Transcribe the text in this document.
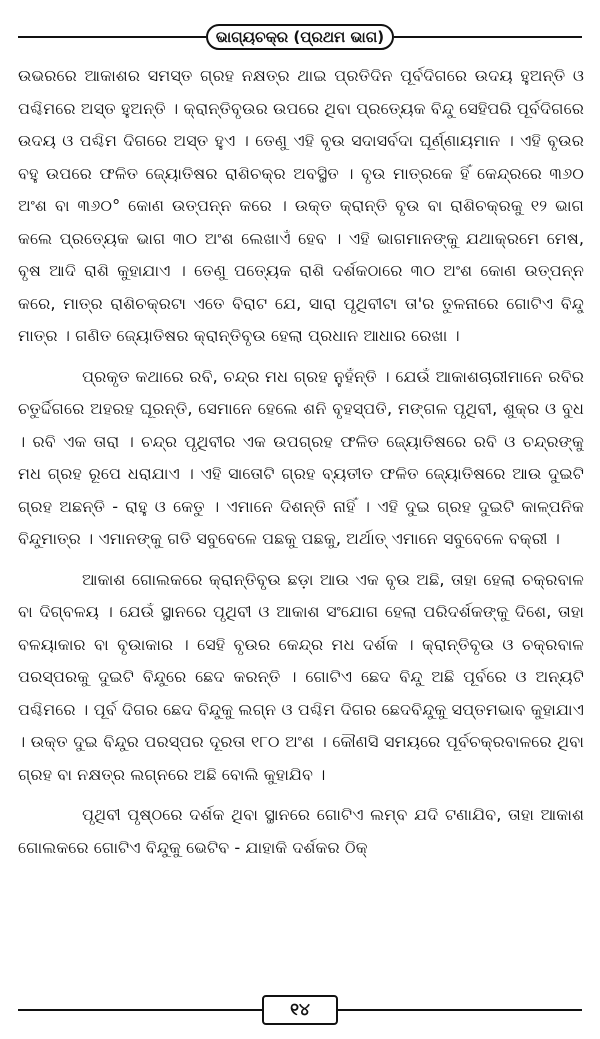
ଭାଗ୍ୟଚକ୍ର (ପ୍ରଥମ ଭାଗ)

ଉଭରରେ ଆକାଶର ସମସ୍ତ ଗ୍ରହ ନକ୍ଷତ୍ର ଥାଇ ପ୍ରତିଦିନ ପୂର୍ବଦିଗରେ ଉଦୟ ହୁଅନ୍ତି ଓ ପଶ୍ଚିମରେ ଅସ୍ତ ହୁଅନ୍ତି । କ୍ରାନ୍ତିବୃଉର ଉପରେ ଥିବା ପ୍ରତ୍ୟେକ ବିନ୍ଦୁ ସେହିପରି ପୂର୍ବଦିଗରେ ଉଦୟ ଓ ପଶ୍ଚିମ ଦିଗରେ ଅସ୍ତ ହୁଏ । ତେଣୁ ଏହି ବୃଉ ସଦାସର୍ବଦା ଘୂର୍ଣ୍ଣାୟମାନ । ଏହି ବୃଉର ବହୁ ଉପରେ ଫଳିତ ଜ୍ୟୋତିଷର ରାଶିଚକ୍ର ଅବସ୍ଥିତ । ବୃଉ ମାତ୍ରକେ ହିଁ କେନ୍ଦ୍ରରେ ୩୬୦ ଅଂଶ ବା ୩୬୦° କୋଣ ଉତ୍ପନ୍ନ କରେ । ଉକ୍ତ କ୍ରାନ୍ତି ବୃଉ ବା ରାଶିଚକ୍ରକୁ ୧୨ ଭାଗ କଲେ ପ୍ରତ୍ୟେକ ଭାଗ ୩୦ ଅଂଶ ଲେଖାଏଁ ହେବ । ଏହି ଭାଗମାନଙ୍କୁ ଯଥାକ୍ରମେ ମେଷ, ବୃଷ ଆଦି ରାଶି କୁହାଯାଏ । ତେଣୁ ପତ୍ୟେକ ରାଶି ଦର୍ଶକଠାରେ ୩୦ ଅଂଶ କୋଣ ଉତ୍ପନ୍ନ କରେ, ମାତ୍ର ରାଶିଚକ୍ରଟା ଏତେ ବିରାଟ ଯେ, ସାରା ପୃଥିବୀଟା ତା'ର ତୁଳନାରେ ଗୋଟିଏ ବିନ୍ଦୁ ମାତ୍ର । ଗଣିତ ଜ୍ୟୋତିଷର କ୍ରାନ୍ତିବୃଉ ହେଲା ପ୍ରଧାନ ଆଧାର ରେଖା ।

ପ୍ରକୃତ କଥାରେ ରବି, ଚନ୍ଦ୍ର ମଧ ଗ୍ରହ ନୁହଁନ୍ତି । ଯେଉଁ ଆକାଶଚାରୀମାନେ ରବିର ଚତୁର୍ଦ୍ଦିଗରେ ଅହରହ ଘୂରନ୍ତି, ସେମାନେ ହେଲେ ଶନି ବୃହସ୍ପତି, ମଙ୍ଗଳ ପୃଥିବୀ, ଶୁକ୍ର ଓ ବୁଧ । ରବି ଏକ ତାରା । ଚନ୍ଦ୍ର ପୃଥିବୀର ଏକ ଉପଗ୍ରହ ଫଳିତ ଜ୍ୟୋତିଷରେ ରବି ଓ ଚନ୍ଦ୍ରଙ୍କୁ ମଧ ଗ୍ରହ ରୂପେ ଧରାଯାଏ । ଏହି ସାତୋଟି ଗ୍ରହ ବ୍ୟତୀତ ଫଳିତ ଜ୍ୟୋତିଷରେ ଆଉ ଦୁଇଟି ଗ୍ରହ ଅଛନ୍ତି - ରାହୁ ଓ କେତୁ । ଏମାନେ ଦିଶନ୍ତି ନାହିଁ । ଏହି ଦୁଇ ଗ୍ରହ ଦୁଇଟି କାଳ୍ପନିକ ବିନ୍ଦୁମାତ୍ର । ଏମାନଙ୍କୁ ଗତି ସବୁବେଳେ ପଛକୁ ପଛକୁ, ଅର୍ଥାତ୍ ଏମାନେ ସବୁବେଳେ ବକ୍ରୀ ।

ଆକାଶ ଗୋଲକରେ କ୍ରାନ୍ତିବୃଉ ଛଡ଼ା ଆଉ ଏକ ବୃଉ ଅଛି, ତାହା ହେଲା ଚକ୍ରବାଳ ବା ଦିଗ୍‌ବଳୟ । ଯେଉଁ ସ୍ଥାନରେ ପୃଥିବୀ ଓ ଆକାଶ ସଂଯୋଗ ହେଲା ପରିଦର୍ଶକଙ୍କୁ ଦିଶେ, ତାହା ବଳୟାକାର ବା ବୃଉାକାର । ସେହି ବୃଉର କେନ୍ଦ୍ର ମଧ ଦର୍ଶକ । କ୍ରାନ୍ତିବୃଉ ଓ ଚକ୍ରବାଳ ପରସ୍ପରକୁ ଦୁଇଟି ବିନ୍ଦୁରେ ଛେଦ କରନ୍ତି । ଗୋଟିଏ ଛେଦ ବିନ୍ଦୁ ଅଛି ପୂର୍ବରେ ଓ ଅନ୍ୟଟି ପଶ୍ଚିମରେ । ପୂର୍ବ ଦିଗର ଛେଦ ବିନ୍ଦୁକୁ ଲଗ୍ନ ଓ ପଶ୍ଚିମ ଦିଗର ଛେଦବିନ୍ଦୁକୁ ସପ୍ତମଭାବ କୁହାଯାଏ । ଉକ୍ତ ଦୁଇ ବିନ୍ଦୁର ପରସ୍ପର ଦୂରତା ୧୮୦ ଅଂଶ । କୌଣସି ସମୟରେ ପୂର୍ବଚକ୍ରବାଳରେ ଥିବା ଗ୍ରହ ବା ନକ୍ଷତ୍ର ଲଗ୍ନରେ ଅଛି ବୋଲି କୁହାଯିବ ।

ପୃଥିବୀ ପୃଷ୍ଠରେ ଦର୍ଶକ ଥିବା ସ୍ଥାନରେ ଗୋଟିଏ ଲମ୍ବ ଯଦି ଟଣାଯିବ, ତାହା ଆକାଶ ଗୋଲକରେ ଗୋଟିଏ ବିନ୍ଦୁକୁ ଭେଟିବ - ଯାହାକି ଦର୍ଶକର ଠିକ୍

୧୪
